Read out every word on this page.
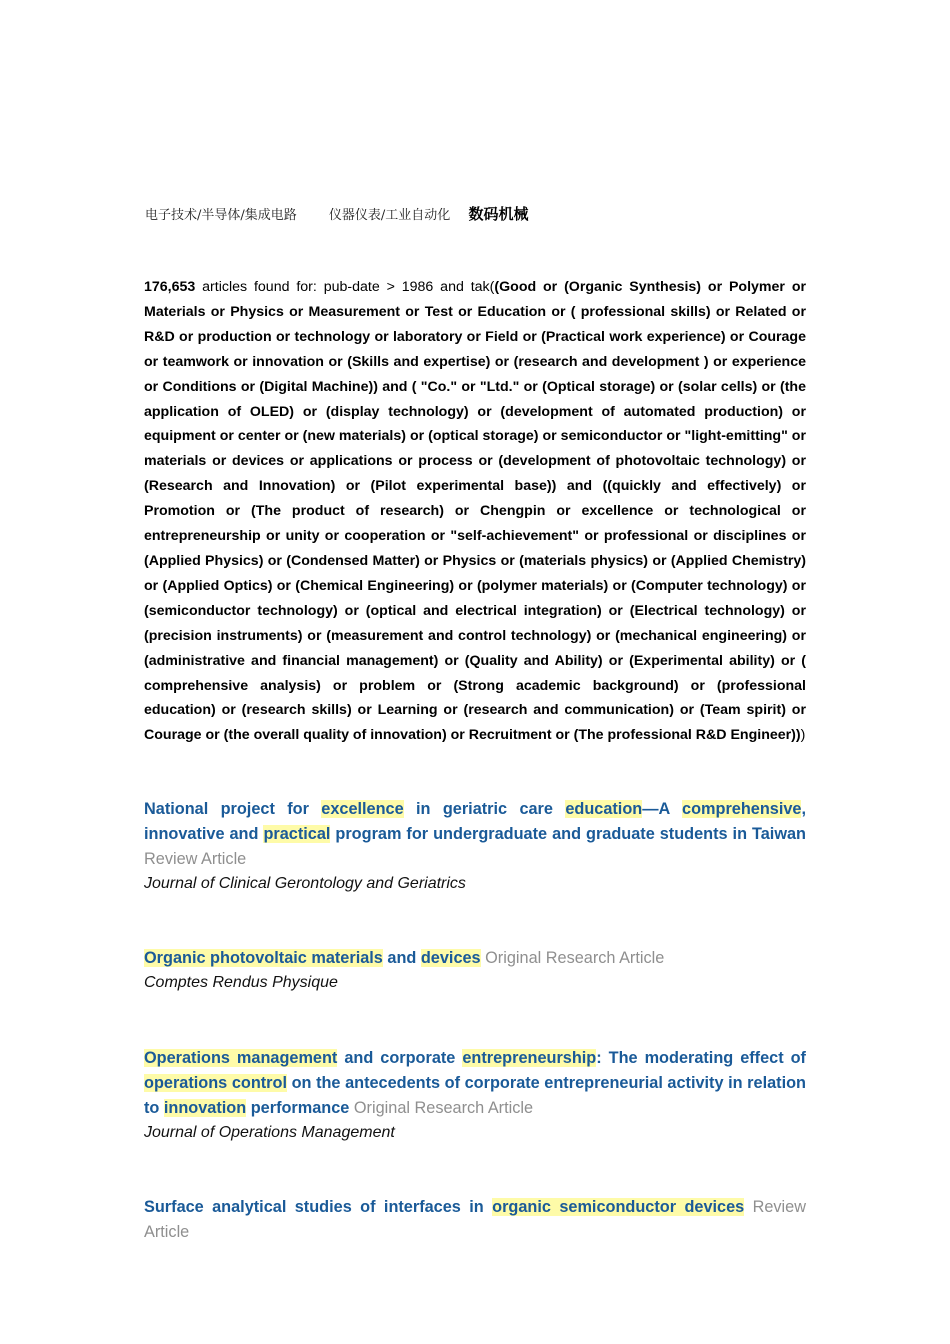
电子技术/半导体/集成电路 仪器仪表/工业自动化 数码机械
176,653 articles found for: pub-date > 1986 and tak((Good or (Organic Synthesis) or Polymer or Materials or Physics or Measurement or Test or Education or ( professional skills) or Related or R&D or production or technology or laboratory or Field or (Practical work experience) or Courage or teamwork or innovation or (Skills and expertise) or (research and development ) or experience or Conditions or (Digital Machine)) and ( "Co." or "Ltd." or (Optical storage) or (solar cells) or (the application of OLED) or (display technology) or (development of automated production) or equipment or center or (new materials) or (optical storage) or semiconductor or "light-emitting" or materials or devices or applications or process or (development of photovoltaic technology) or (Research and Innovation) or (Pilot experimental base)) and ((quickly and effectively) or Promotion or (The product of research) or Chengpin or excellence or technological or entrepreneurship or unity or cooperation or "self-achievement" or professional or disciplines or (Applied Physics) or (Condensed Matter) or Physics or (materials physics) or (Applied Chemistry) or (Applied Optics) or (Chemical Engineering) or (polymer materials) or (Computer technology) or (semiconductor technology) or (optical and electrical integration) or (Electrical technology) or (precision instruments) or (measurement and control technology) or (mechanical engineering) or (administrative and financial management) or (Quality and Ability) or (Experimental ability) or ( comprehensive analysis) or problem or (Strong academic background) or (professional education) or (research skills) or Learning or (research and communication) or (Team spirit) or Courage or (the overall quality of innovation) or Recruitment or (The professional R&D Engineer)))
National project for excellence in geriatric care education—A comprehensive, innovative and practical program for undergraduate and graduate students in Taiwan Review Article
Journal of Clinical Gerontology and Geriatrics
Organic photovoltaic materials and devices Original Research Article
Comptes Rendus Physique
Operations management and corporate entrepreneurship: The moderating effect of operations control on the antecedents of corporate entrepreneurial activity in relation to innovation performance Original Research Article
Journal of Operations Management
Surface analytical studies of interfaces in organic semiconductor devices Review Article
